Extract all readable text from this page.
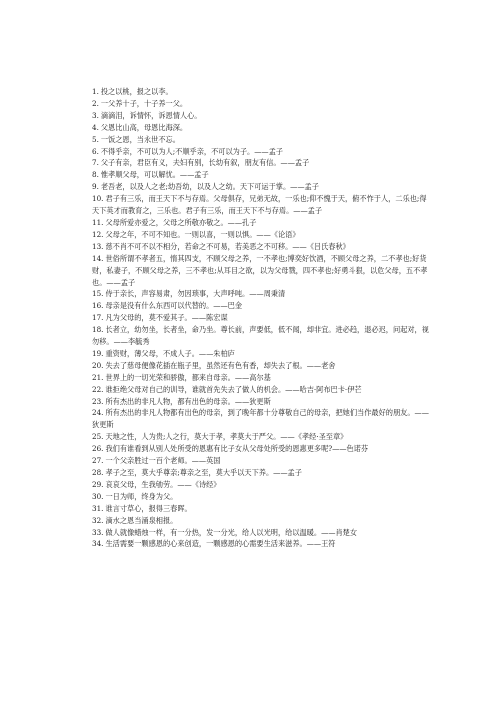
1. 投之以桃，报之以李。

2. 一父养十子，十子养一父。

3. 滴滴泪，诉情怀，诉恩情人心。

4. 父恩比山高，母恩比海深。

5. 一饭之恩，当永世不忘。

6. 不得乎亲，不可以为人;不顺乎亲，不可以为子。——孟子

7. 父子有亲，君臣有义，夫妇有别，长幼有叙，朋友有信。——孟子

8. 惟孝顺父母，可以解忧。——孟子

9. 老吾老，以及人之老;幼吾幼，以及人之幼。天下可运于掌。——孟子

10. 君子有三乐，而王天下不与存焉。父母俱存，兄弟无故，一乐也;仰不愧于天，俯不怍于人，二乐也;得天下英才而教育之，三乐也。君子有三乐，而王天下不与存焉。——孟子

11. 父母所爱亦爱之，父母之所敬亦敬之。——孔子

12. 父母之年，不可不知也。一则以喜，一则以惧。——《论语》

13. 慈不肖不可不以不相分，若命之不可易，若美恶之不可移。——《吕氏春秋》

14. 世俗所谓不孝者五，惰其四支，不顾父母之养，一不孝也;博奕好饮酒，不顾父母之养，二不孝也;好货财，私妻子，不顾父母之养，三不孝也;从耳目之欲，以为父母戮，四不孝也;好勇斗狠，以危父母，五不孝也。——孟子

15. 侍于亲长，声容易肃，勿因琐事，大声呼吨。——周秉清

16. 母亲是没有什么东西可以代替的。——巴金

17. 凡为父母的，莫不爱其子。——陈宏谋

18. 长者立，幼勿坐，长者坐，命乃坐。尊长前，声要低，低不闻，却非宜。进必趋，退必迟，问起对，视勿移。——李毓秀

19. 重资财，薄父母，不成人子。——朱柏庐

20. 失去了慈母便像花插在瓶子里，虽然还有色有香，却失去了根。——老舍

21. 世界上的一切光荣和骄傲，都来自母亲。——高尔基

22. 谁拒绝父母对自己的训导，谁就首先失去了做人的机会。——哈吉·阿布巴卡·伊芒

23. 所有杰出的非凡人物，都有出色的母亲。——狄更斯

24. 所有杰出的非凡人物都有出色的母亲，到了晚年都十分尊敬自己的母亲，把她们当作最好的朋友。——狄更斯

25. 天地之性，人为贵;人之行，莫大于孝，孝莫大于严父。——《孝经·圣至章》

26. 我们有谁看到从别人处所受的恩惠有比子女从父母处所受的恩惠更多呢?——色诺芬

27. 一个父亲胜过一百个老师。——英国

28. 孝子之至，莫大乎尊亲;尊亲之至，莫大乎以天下养。——孟子

29. 哀哀父母，生我劬劳。——《诗经》

30. 一日为师，终身为父。

31. 谁言寸草心，报得三春晖。

32. 滴水之恩当涌泉相报。

33. 做人就像蜡烛一样，有一分热，发一分光，给人以光明，给以温暖。——肖楚女

34. 生活需要一颗感恩的心来创造，一颗感恩的心需要生活来滋养。——王符
